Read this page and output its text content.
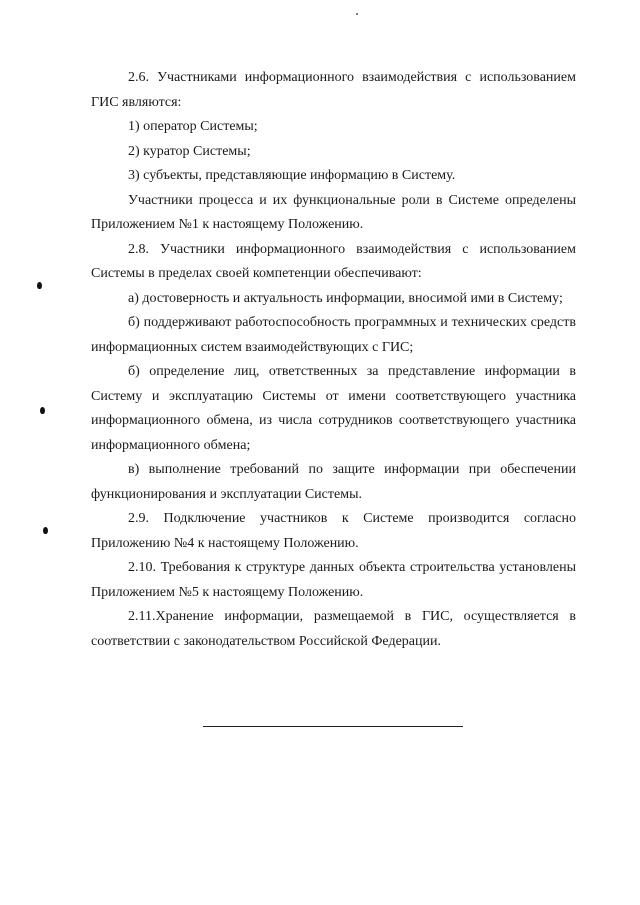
2.6. Участниками информационного взаимодействия с использованием ГИС являются:

1) оператор Системы;

2) куратор Системы;

3) субъекты, представляющие информацию в Систему.

Участники процесса и их функциональные роли в Системе определены Приложением №1 к настоящему Положению.

2.8. Участники информационного взаимодействия с использованием Системы в пределах своей компетенции обеспечивают:

а) достоверность и актуальность информации, вносимой ими в Систему;

б) поддерживают работоспособность программных и технических средств информационных систем взаимодействующих с ГИС;

б) определение лиц, ответственных за представление информации в Систему и эксплуатацию Системы от имени соответствующего участника информационного обмена, из числа сотрудников соответствующего участника информационного обмена;

в) выполнение требований по защите информации при обеспечении функционирования и эксплуатации Системы.

2.9. Подключение участников к Системе производится согласно Приложению №4 к настоящему Положению.

2.10. Требования к структуре данных объекта строительства установлены Приложением №5 к настоящему Положению.

2.11.Хранение информации, размещаемой в ГИС, осуществляется в соответствии с законодательством Российской Федерации.
